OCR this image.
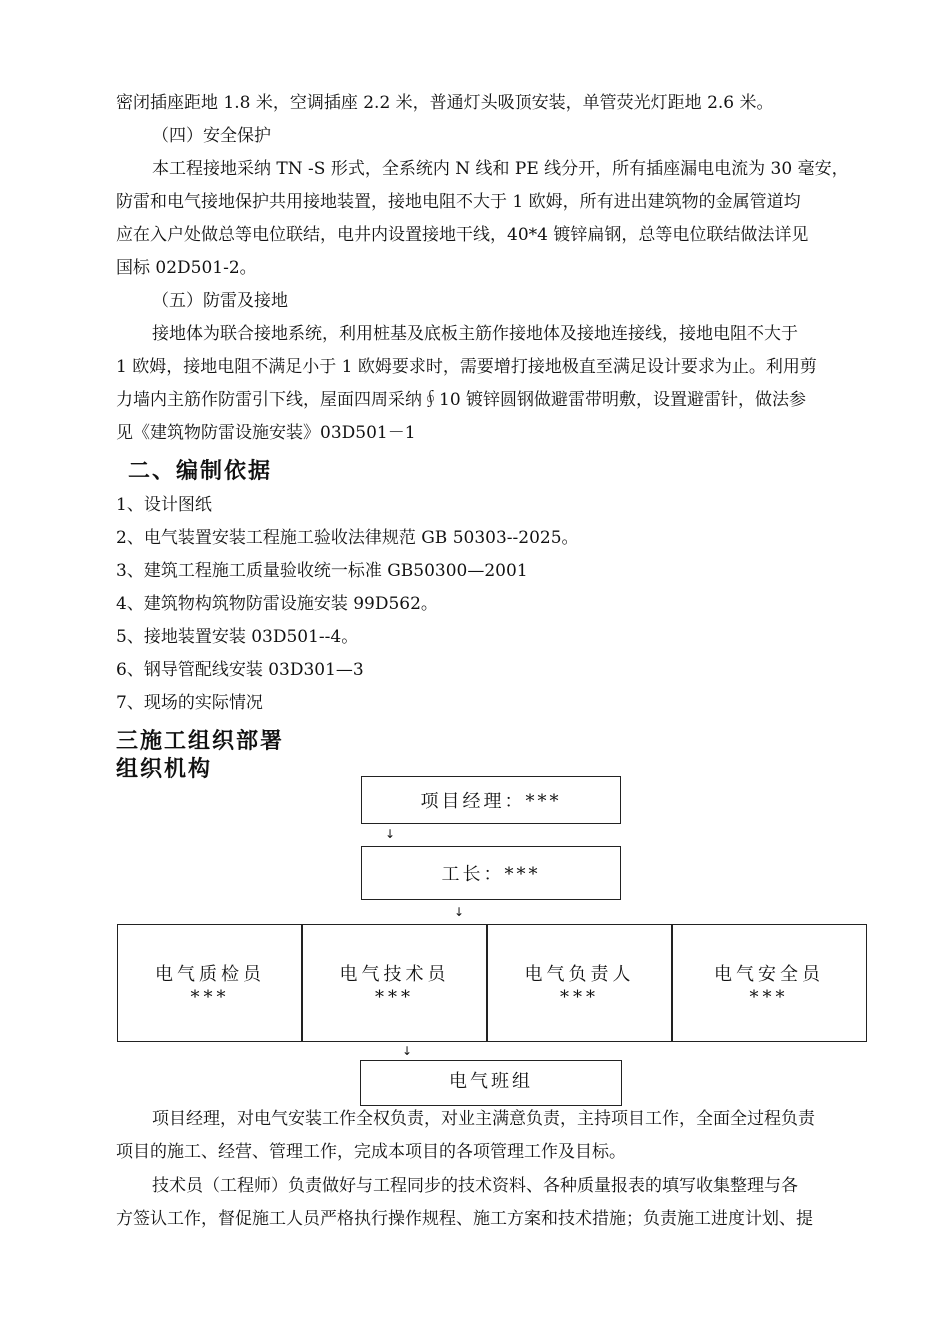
密闭插座距地 1.8 米，空调插座 2.2 米，普通灯头吸顶安装，单管荧光灯距地 2.6 米。
（四）安全保护
本工程接地采纳 TN -S 形式，全系统内 N 线和 PE 线分开，所有插座漏电电流为 30 毫安，
防雷和电气接地保护共用接地装置，接地电阻不大于 1 欧姆，所有进出建筑物的金属管道均
应在入户处做总等电位联结，电井内设置接地干线，40*4 镀锌扁钢，总等电位联结做法详见
国标 02D501-2。
（五）防雷及接地
接地体为联合接地系统，利用桩基及底板主筋作接地体及接地连接线，接地电阻不大于
1 欧姆，接地电阻不满足小于 1 欧姆要求时，需要增打接地极直至满足设计要求为止。利用剪
力墙内主筋作防雷引下线，屋面四周采纳∮10 镀锌圆钢做避雷带明敷，设置避雷针，做法参
见《建筑物防雷设施安装》03D501－1
二、编制依据
1、设计图纸
2、电气装置安装工程施工验收法律规范 GB 50303--2025。
3、建筑工程施工质量验收统一标准 GB50300—2001
4、建筑物构筑物防雷设施安装 99D562。
5、接地装置安装 03D501--4。
6、钢导管配线安装 03D301—3
7、现场的实际情况
三施工组织部署
组织机构
项目经理：***
↓
工长：***
↓
电气质检员
***
电气技术员
***
电气负责人
***
电气安全员
***
↓
电气班组
项目经理，对电气安装工作全权负责，对业主满意负责，主持项目工作，全面全过程负责
项目的施工、经营、管理工作，完成本项目的各项管理工作及目标。
技术员（工程师）负责做好与工程同步的技术资料、各种质量报表的填写收集整理与各
方签认工作，督促施工人员严格执行操作规程、施工方案和技术措施；负责施工进度计划、提
